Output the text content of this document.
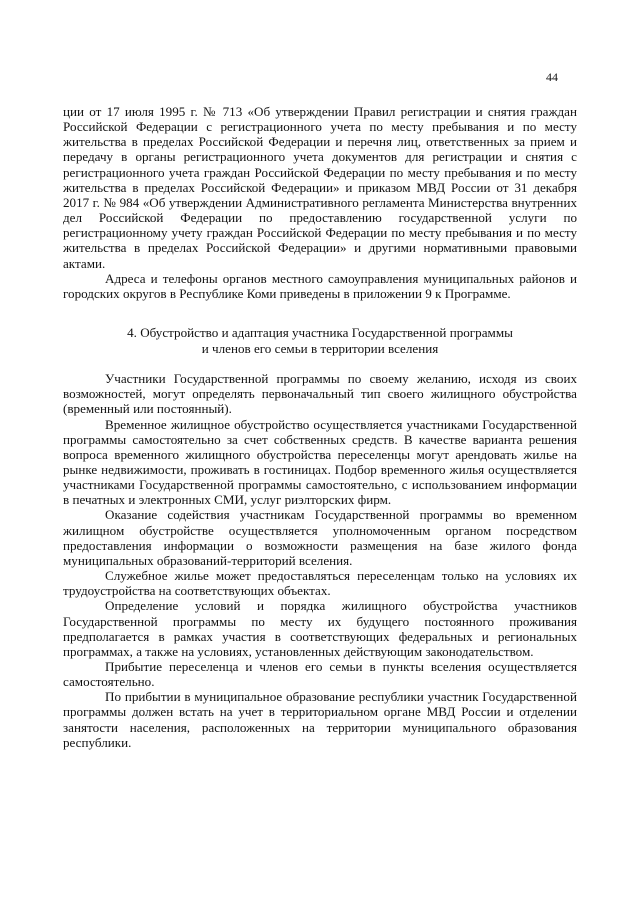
44

ции от 17 июля 1995 г. № 713 «Об утверждении Правил регистрации и снятия граждан Российской Федерации с регистрационного учета по месту пребывания и по месту жительства в пределах Российской Федерации и перечня лиц, ответственных за прием и передачу в органы регистрационного учета документов для регистрации и снятия с регистрационного учета граждан Российской Федерации по месту пребывания и по месту жительства в пределах Российской Федерации» и приказом МВД России от 31 декабря 2017 г. № 984 «Об утверждении Административного регламента Министерства внутренних дел Российской Федерации по предоставлению государственной услуги по регистрационному учету граждан Российской Федерации по месту пребывания и по месту жительства в пределах Российской Федерации» и другими нормативными правовыми актами.

Адреса и телефоны органов местного самоуправления муниципальных районов и городских округов в Республике Коми приведены в приложении 9 к Программе.

4. Обустройство и адаптация участника Государственной программы
и членов его семьи в территории вселения

Участники Государственной программы по своему желанию, исходя из своих возможностей, могут определять первоначальный тип своего жилищного обустройства (временный или постоянный).

Временное жилищное обустройство осуществляется участниками Государственной программы самостоятельно за счет собственных средств. В качестве варианта решения вопроса временного жилищного обустройства переселенцы могут арендовать жилье на рынке недвижимости, проживать в гостиницах. Подбор временного жилья осуществляется участниками Государственной программы самостоятельно, с использованием информации в печатных и электронных СМИ, услуг риэлторских фирм.

Оказание содействия участникам Государственной программы во временном жилищном обустройстве осуществляется уполномоченным органом посредством предоставления информации о возможности размещения на базе жилого фонда муниципальных образований-территорий вселения.

Служебное жилье может предоставляться переселенцам только на условиях их трудоустройства на соответствующих объектах.

Определение условий и порядка жилищного обустройства участников Государственной программы по месту их будущего постоянного проживания предполагается в рамках участия в соответствующих федеральных и региональных программах, а также на условиях, установленных действующим законодательством.

Прибытие переселенца и членов его семьи в пункты вселения осуществляется самостоятельно.

По прибытии в муниципальное образование республики участник Государственной программы должен встать на учет в территориальном органе МВД России и отделении занятости населения, расположенных на территории муниципального образования республики.
